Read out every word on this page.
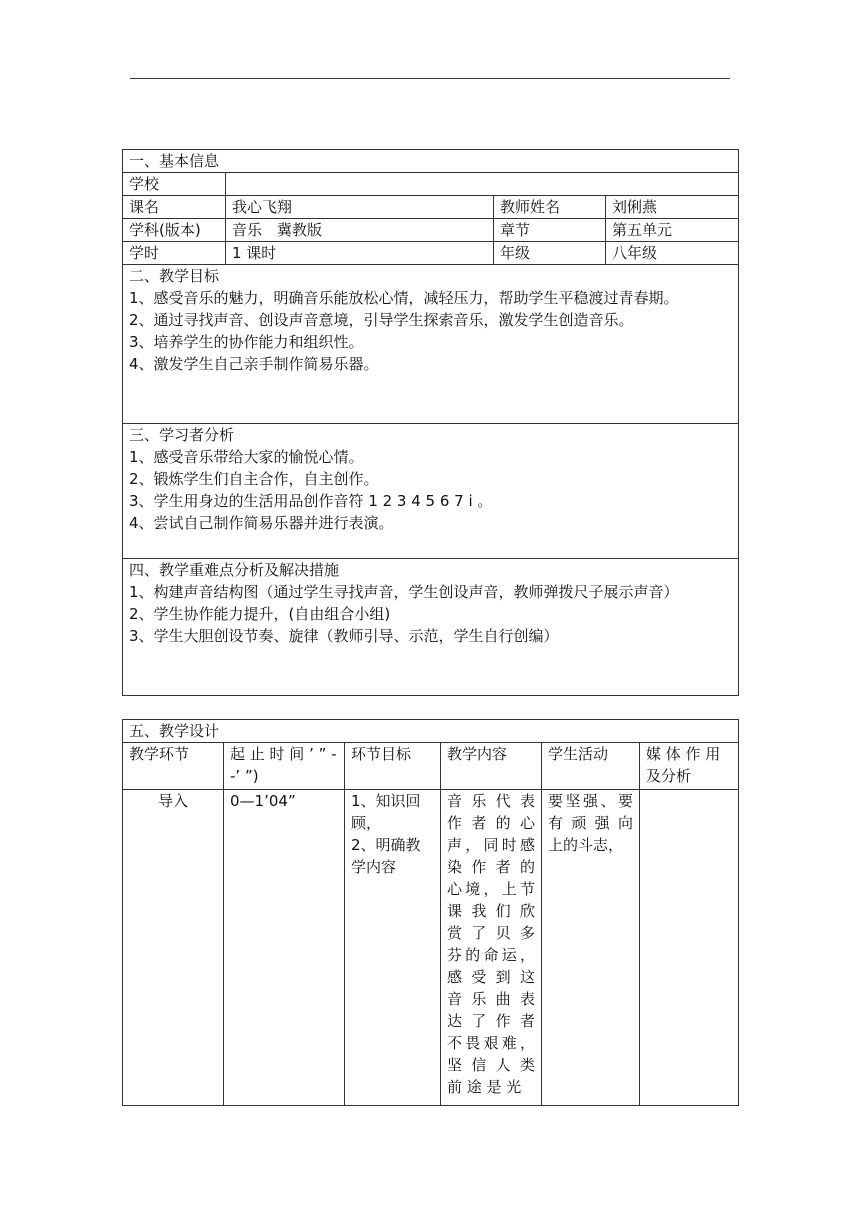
一、基本信息			
学校			
课名	我心飞翔	教师姓名	刘俐燕
学科(版本)	音乐　冀教版	章节	第五单元
学时	1 课时	年级	八年级

二、教学目标
1、感受音乐的魅力，明确音乐能放松心情，减轻压力，帮助学生平稳渡过青春期。
2、通过寻找声音、创设声音意境，引导学生探索音乐，激发学生创造音乐。
3、培养学生的协作能力和组织性。
4、激发学生自己亲手制作简易乐器。			

三、学习者分析
1、感受音乐带给大家的愉悦心情。
2、锻炼学生们自主合作，自主创作。
3、学生用身边的生活用品创作音符 1 2 3 4 5 6 7 i 。
4、尝试自己制作简易乐器并进行表演。			

四、教学重难点分析及解决措施
1、构建声音结构图（通过学生寻找声音，学生创设声音，教师弹拨尺子展示声音）
2、学生协作能力提升，(自由组合小组)
3、学生大胆创设节奏、旋律（教师引导、示范，学生自行创编）			
五、教学设计					
教学环节	起 止 时 间 ’ ” --’ ”)	环节目标	教学内容	学生活动	媒 体 作 用及分析
导入	0—1’04”	1、知识回顾，
2、明确教学内容	音 乐 代 表 作 者 的 心 声，同时感 染 作 者 的 心境，上节 课 我 们 欣 赏 了 贝 多 芬的命运，感 受 到 这 音 乐 曲 表 达 了 作 者 不畏艰难，坚 信 人 类 前 途 是 光	要坚强、要有 顽 强 向 上的斗志，	
